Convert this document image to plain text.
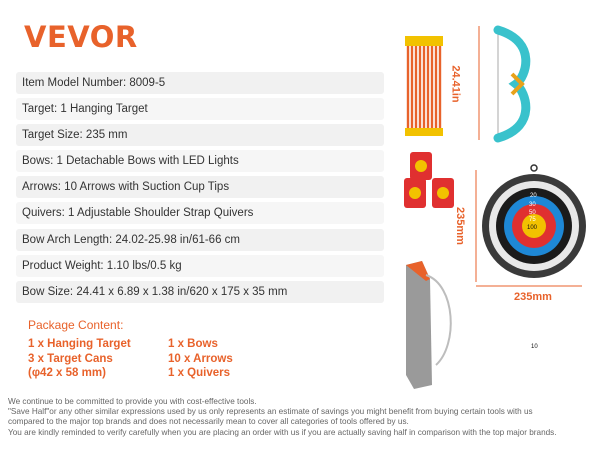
VEVOR
Item Model Number: 8009-5
Target: 1 Hanging Target
Target Size: 235 mm
Bows: 1 Detachable Bows with LED Lights
Arrows: 10 Arrows with Suction Cup Tips
Quivers: 1 Adjustable Shoulder Strap Quivers
Bow Arch Length: 24.02-25.98 in/61-66 cm
Product Weight: 1.10 lbs/0.5 kg
Bow Size: 24.41 x 6.89 x 1.38 in/620 x 175 x 35 mm
Package Content:
1 x Hanging Target
3 x Target Cans
(φ42 x 58 mm)
1 x Bows
10 x Arrows
1 x Quivers
We continue to be committed to provide you with cost-effective tools.
"Save Half"or any other similar expressions used by us only represents an estimate of savings you might benefit from buying certain tools with us
compared to the major top brands and does not necessarily mean to cover all categories of tools offered by us.
You are kindly reminded to verify carefully when you are placing an order with us if you are actually saving half in comparison with the top major brands.
24.41in
10
20
30
50
75
100
235mm
235mm
